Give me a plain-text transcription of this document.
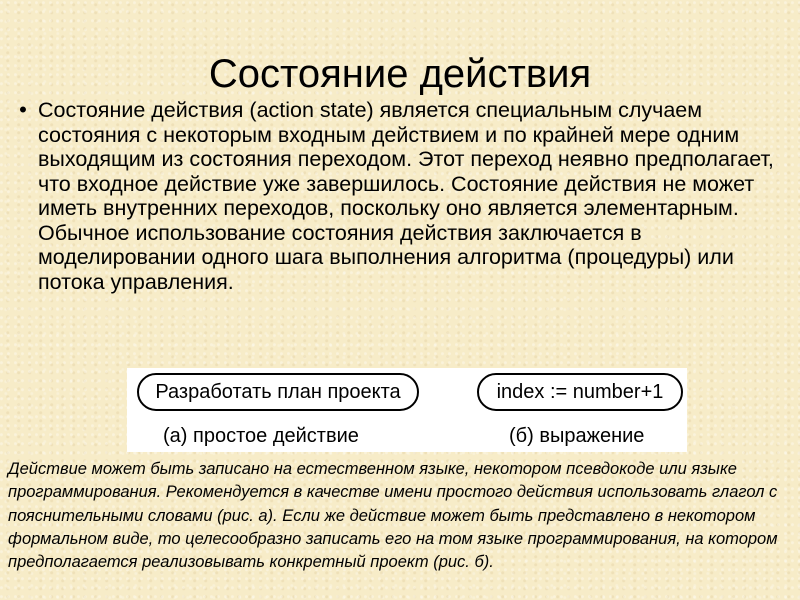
Состояние действия
• Состояние действия (action state) является специальным случаем состояния с некоторым входным действием и по крайней мере одним выходящим из состояния переходом. Этот переход неявно предполагает, что входное действие уже завершилось. Состояние действия не может иметь внутренних переходов, поскольку оно является элементарным. Обычное использование состояния действия заключается в моделировании одного шага выполнения алгоритма (процедуры) или потока управления.
Разработать план проекта	index := number+1
(а) простое действие	(б) выражение
Действие может быть записано на естественном языке, некотором псевдокоде или языке программирования. Рекомендуется в качестве имени простого действия использовать глагол с пояснительными словами (рис. а). Если же действие может быть представлено в некотором формальном виде, то целесообразно записать его на том языке программирования, на котором предполагается реализовывать конкретный проект (рис. б).
